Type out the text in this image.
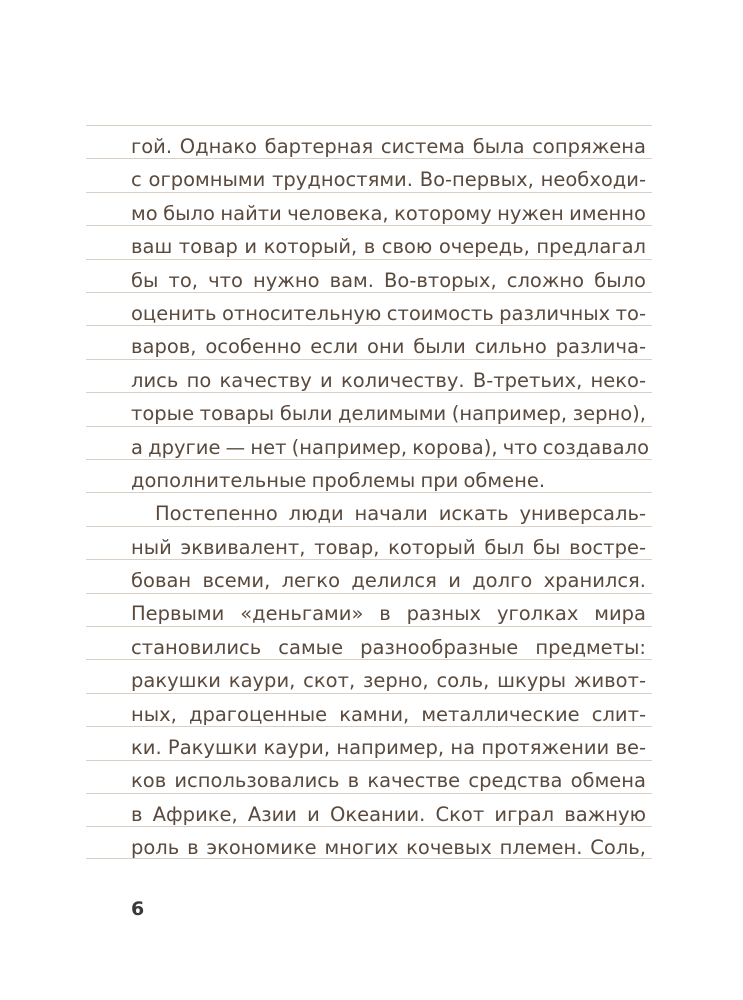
гой. Однако бартерная система была сопряжена
с огромными трудностями. Во-первых, необходи-
мо было найти человека, которому нужен именно
ваш товар и который, в свою очередь, предлагал
бы то, что нужно вам. Во-вторых, сложно было
оценить относительную стоимость различных то-
варов, особенно если они были сильно различа-
лись по качеству и количеству. В-третьих, неко-
торые товары были делимыми (например, зерно),
а другие — нет (например, корова), что создавало
дополнительные проблемы при обмене.
Постепенно люди начали искать универсаль-
ный эквивалент, товар, который был бы востре-
бован всеми, легко делился и долго хранился.
Первыми «деньгами» в разных уголках мира
становились самые разнообразные предметы:
ракушки каури, скот, зерно, соль, шкуры живот-
ных, драгоценные камни, металлические слит-
ки. Ракушки каури, например, на протяжении ве-
ков использовались в качестве средства обмена
в Африке, Азии и Океании. Скот играл важную
роль в экономике многих кочевых племен. Соль,
6
